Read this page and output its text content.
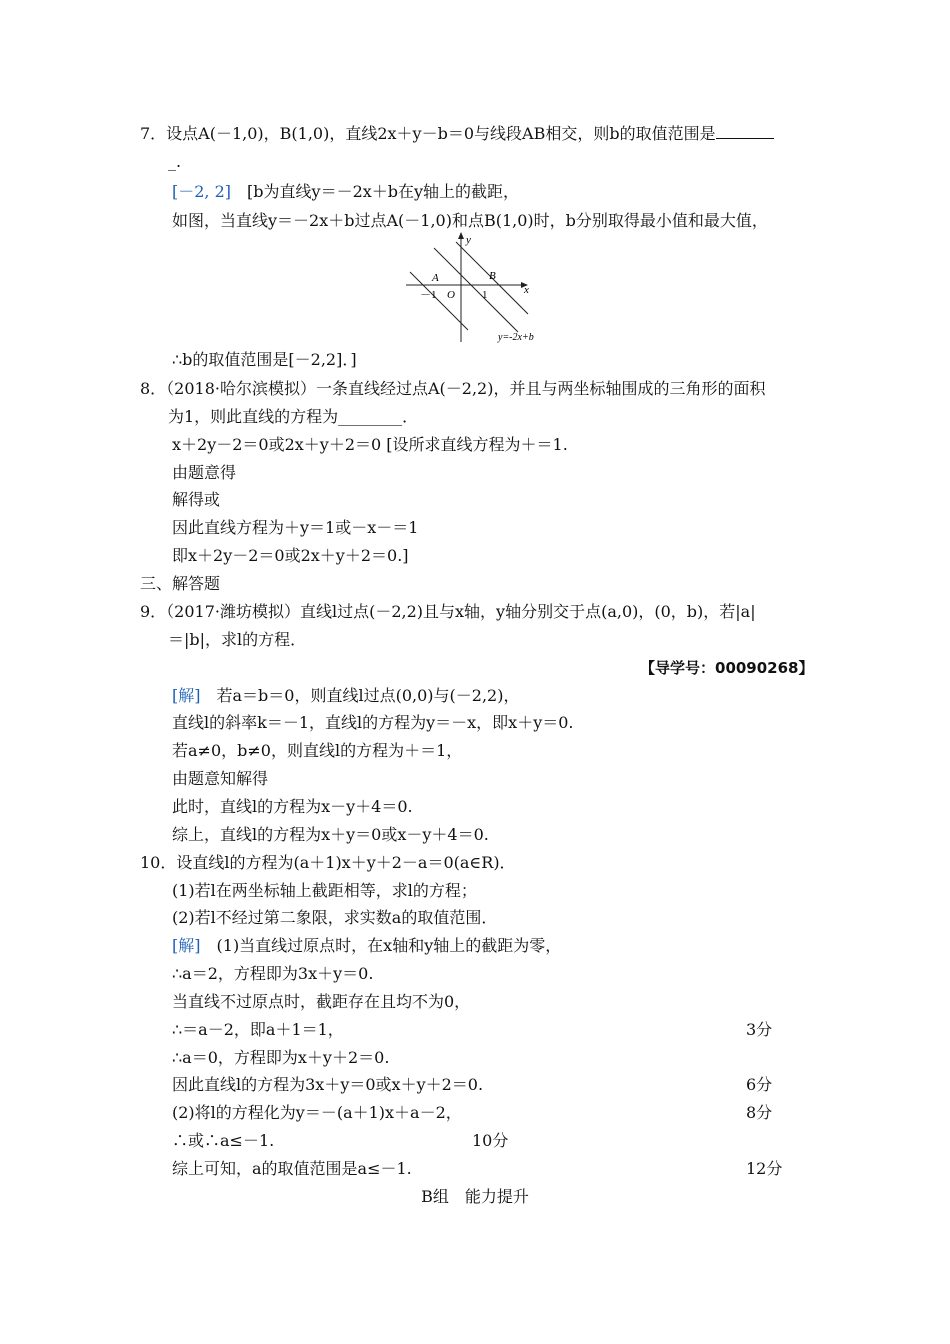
7．设点A(－1,0)，B(1,0)，直线2x＋y－b＝0与线段AB相交，则b的取值范围是
_.
[－2, 2]　 [b为直线y＝－2x＋b在y轴上的截距，
如图，当直线y＝－2x＋b过点A(－1,0)和点B(1,0)时，b分别取得最小值和最大值，
y
x
A	B
－1 O 1
y=-2x+b
∴b的取值范围是[－2,2]．]
8．（2018·哈尔滨模拟）一条直线经过点A(－2,2)，并且与两坐标轴围成的三角形的面积
为1，则此直线的方程为________．
x＋2y－2＝0或2x＋y＋2＝0 [设所求直线方程为＋＝1.
由题意得
解得或
因此直线方程为＋y＝1或－x－＝1
即x＋2y－2＝0或2x＋y＋2＝0.]
三、解答题
9．（2017·潍坊模拟）直线l过点(－2,2)且与x轴，y轴分别交于点(a,0)，(0，b)，若|a|
＝|b|，求l的方程．
【导学号：00090268】
[解]　 若a＝b＝0，则直线l过点(0,0)与(－2,2)，
直线l的斜率k＝－1，直线l的方程为y＝－x，即x＋y＝0.
若a≠0，b≠0，则直线l的方程为＋＝1，
由题意知解得
此时，直线l的方程为x－y＋4＝0.
综上，直线l的方程为x＋y＝0或x－y＋4＝0.
10．设直线l的方程为(a＋1)x＋y＋2－a＝0(a∈R)．
(1)若l在两坐标轴上截距相等，求l的方程；
(2)若l不经过第二象限，求实数a的取值范围．
[解]　 (1)当直线过原点时，在x轴和y轴上的截距为零，
∴a＝2，方程即为3x＋y＝0.
当直线不过原点时，截距存在且均不为0，
∴＝a－2，即a＋1＝1，	3分
∴a＝0，方程即为x＋y＋2＝0.
因此直线l的方程为3x＋y＝0或x＋y＋2＝0.	6分
(2)将l的方程化为y＝－(a＋1)x＋a－2，	8分
∴或∴a≤－1.	10分
综上可知，a的取值范围是a≤－1.	12分
B组　能力提升
